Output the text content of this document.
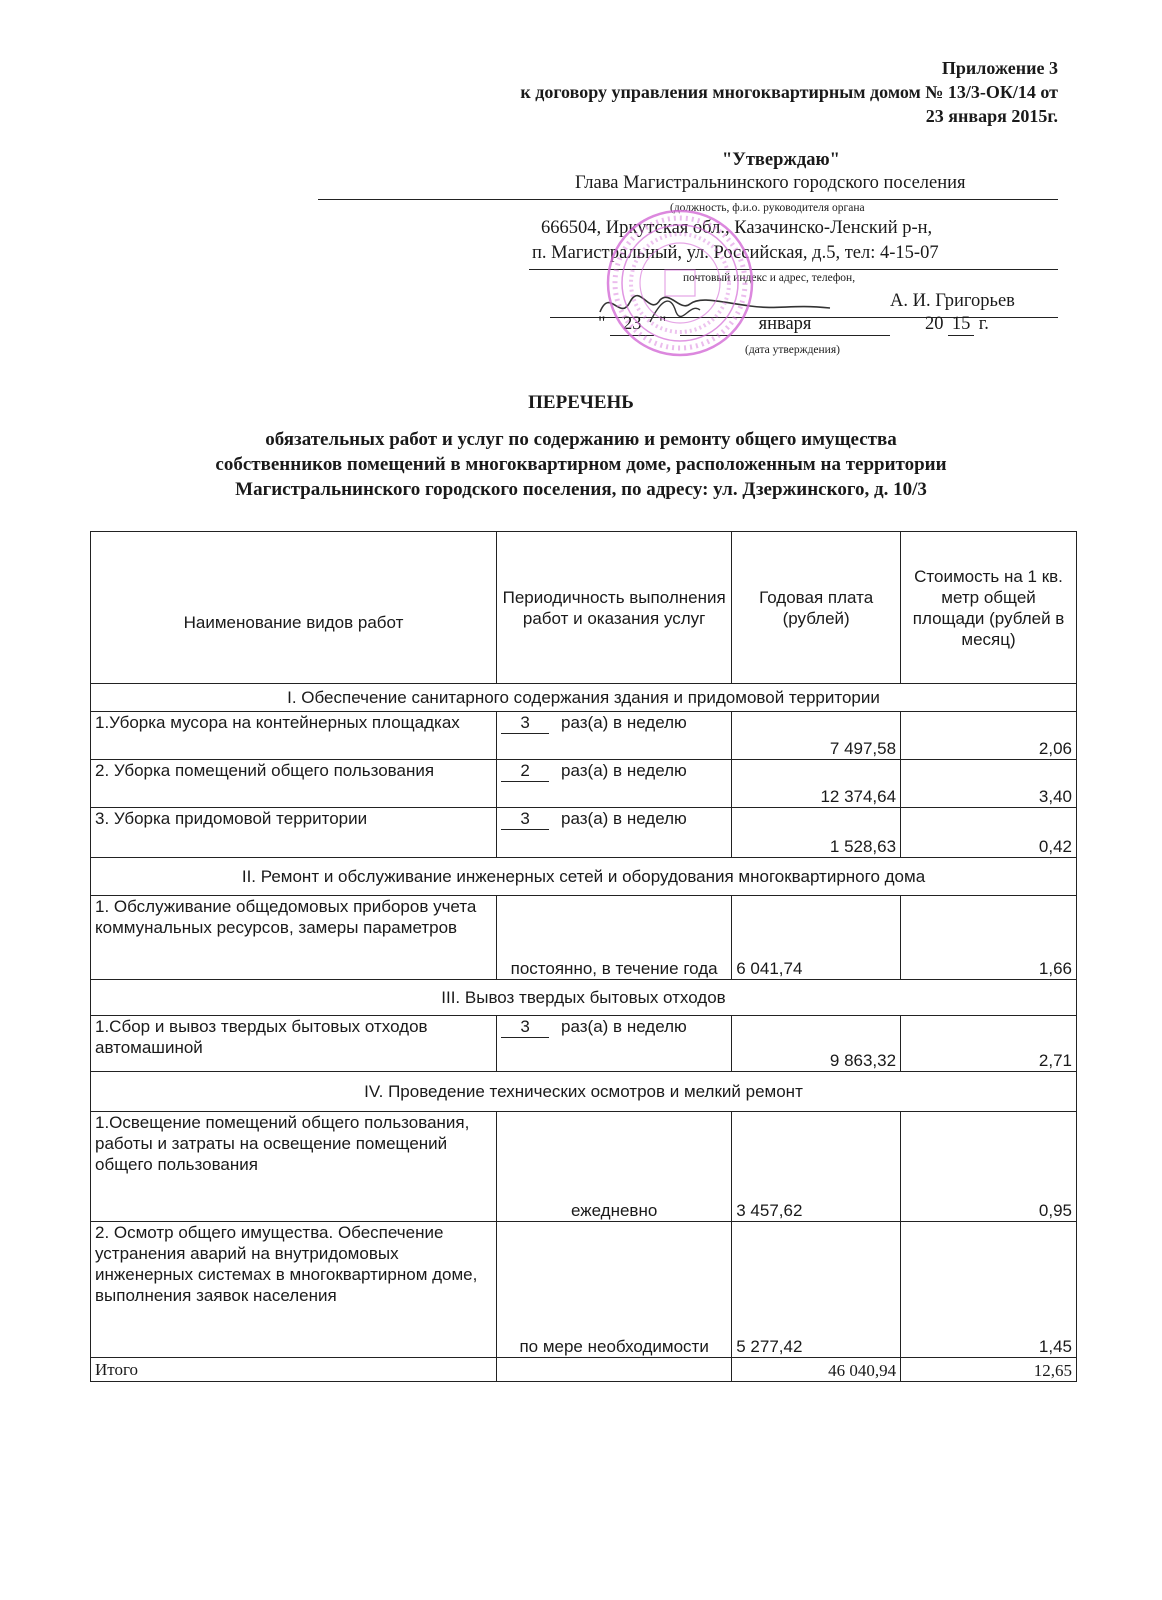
Приложение 3
к договору управления многоквартирным домом № 13/3-ОК/14 от
23 января 2015г.
"Утверждаю"
Глава Магистральнинского городского поселения
(должность, ф.и.о. руководителя органа
666504, Иркутская обл., Казачинско-Ленский р-н,
п. Магистральный, ул. Российская, д.5, тел: 4-15-07
почтовый индекс и адрес, телефон,
А. И. Григорьев
" 23 "	января	20 15 г.
(дата утверждения)
ПЕРЕЧЕНЬ
обязательных работ и услуг по содержанию и ремонту общего имущества
собственников помещений в многоквартирном доме, расположенным на территории
Магистральнинского городского поселения, по адресу: ул. Дзержинского, д. 10/3
Наименование видов работ	Периодичность выполнения работ и оказания услуг	Годовая плата (рублей)	Стоимость на 1 кв. метр общей площади (рублей в месяц)
I. Обеспечение санитарного содержания здания и придомовой территории			
1.Уборка мусора на контейнерных площадках	3 раз(а) в неделю	7 497,58	2,06
2. Уборка помещений общего пользования	2 раз(а) в неделю	12 374,64	3,40
3. Уборка придомовой территории	3 раз(а) в неделю	1 528,63	0,42
II. Ремонт и обслуживание инженерных сетей и оборудования многоквартирного дома			
1. Обслуживание общедомовых приборов учета коммунальных ресурсов, замеры параметров	постоянно, в течение года	6 041,74	1,66
III. Вывоз твердых бытовых отходов			
1.Сбор и вывоз твердых бытовых отходов автомашиной	3 раз(а) в неделю	9 863,32	2,71
IV. Проведение технических осмотров и мелкий ремонт			
1.Освещение помещений общего пользования, работы и затраты на освещение помещений общего пользования	ежедневно	3 457,62	0,95
2. Осмотр общего имущества. Обеспечение устранения аварий на внутридомовых инженерных системах в многоквартирном доме, выполнения заявок населения	по мере необходимости	5 277,42	1,45
Итого		46 040,94	12,65
